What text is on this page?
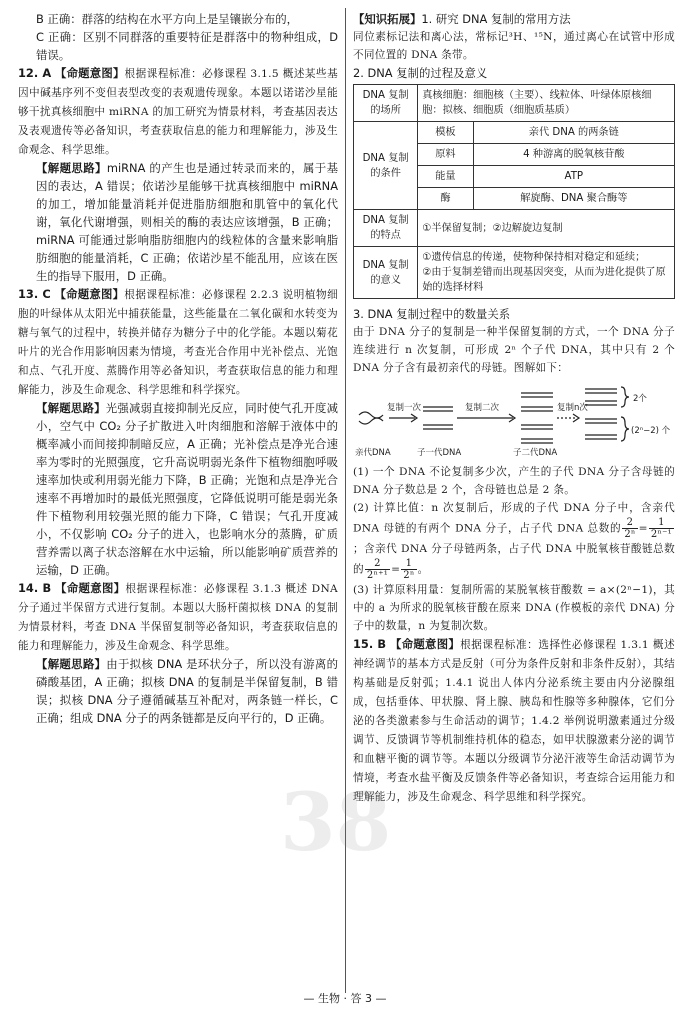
B 正确：群落的结构在水平方向上是呈镶嵌分布的，

C 正确：区别不同群落的重要特征是群落中的物种组成，D 错误。

12. A 【命题意图】根据课程标准：必修课程 3.1.5 概述某些基因中碱基序列不变但表型改变的表观遗传现象。本题以诺诺沙星能够干扰真核细胞中 miRNA 的加工研究为情景材料，考查基因表达及表观遗传等必备知识，考查获取信息的能力和理解能力，涉及生命观念、科学思维。

【解题思路】miRNA 的产生也是通过转录而来的，属于基因的表达，A 错误；依诺沙星能够干扰真核细胞中 miRNA 的加工，增加能量消耗并促进脂肪细胞和肌管中的氧化代谢，氧化代谢增强，则相关的酶的表达应该增强，B 正确；miRNA 可能通过影响脂肪细胞内的线粒体的含量来影响脂肪细胞的能量消耗，C 正确；依诺沙星不能乱用，应该在医生的指导下服用，D 正确。

13. C 【命题意图】根据课程标准：必修课程 2.2.3 说明植物细胞的叶绿体从太阳光中捕获能量，这些能量在二氧化碳和水转变为糖与氧气的过程中，转换并储存为糖分子中的化学能。本题以菊花叶片的光合作用影响因素为情境，考查光合作用中光补偿点、光饱和点、气孔开度、蒸腾作用等必备知识，考查获取信息的能力和理解能力，涉及生命观念、科学思维和科学探究。

【解题思路】光强减弱直接抑制光反应，同时使气孔开度减小，空气中 CO₂ 分子扩散进入叶肉细胞和溶解于液体中的概率减小而间接抑制暗反应，A 正确；光补偿点是净光合速率为零时的光照强度，它升高说明弱光条件下植物细胞呼吸速率加快或利用弱光能力下降，B 正确；光饱和点是净光合速率不再增加时的最低光照强度，它降低说明可能是弱光条件下植物利用较强光照的能力下降，C 错误；气孔开度减小，不仅影响 CO₂ 分子的进入，也影响水分的蒸腾，矿质营养需以离子状态溶解在水中运输，所以能影响矿质营养的运输，D 正确。

14. B 【命题意图】根据课程标准：必修课程 3.1.3 概述 DNA 分子通过半保留方式进行复制。本题以大肠杆菌拟核 DNA 的复制为情景材料，考查 DNA 半保留复制等必备知识，考查获取信息的能力和理解能力，涉及生命观念、科学思维。

【解题思路】由于拟核 DNA 是环状分子，所以没有游离的磷酸基团，A 正确；拟核 DNA 的复制是半保留复制，B 错误；拟核 DNA 分子遵循碱基互补配对，两条链一样长，C 正确；组成 DNA 分子的两条链都是反向平行的，D 正确。

【知识拓展】1. 研究 DNA 复制的常用方法

同位素标记法和离心法，常标记³H、¹⁵N，通过离心在试管中形成不同位置的 DNA 条带。

2. DNA 复制的过程及意义

DNA 复制的场所	真核细胞：细胞核（主要）、线粒体、叶绿体原核细胞：拟核、细胞质（细胞质基质）	
DNA 复制的条件	模板	亲代 DNA 的两条链
	原料	4 种游离的脱氧核苷酸
	能量	ATP
	酶	解旋酶、DNA 聚合酶等
DNA 复制的特点	①半保留复制；②边解旋边复制	
DNA 复制的意义	①遗传信息的传递，使物种保持相对稳定和延续；
②由于复制差错而出现基因突变，从而为进化提供了原始的选择材料	

3. DNA 复制过程中的数量关系

由于 DNA 分子的复制是一种半保留复制的方式，一个 DNA 分子连续进行 n 次复制，可形成 2ⁿ 个子代 DNA，其中只有 2 个 DNA 分子含有最初亲代的母链。图解如下：

复制一次	复制二次	复制n次
亲代DNA	子一代DNA	子二代DNA
2个
(2ⁿ−2) 个

(1) 一个 DNA 不论复制多少次，产生的子代 DNA 分子含母链的 DNA 分子数总是 2 个，含母链也总是 2 条。

(2) 计算比值：n 次复制后，形成的子代 DNA 分子中，含亲代 DNA 母链的有两个 DNA 分子，占子代 DNA 总数的 $\frac{2}{\text{2ⁿ}} = \frac{1}{\text{2ⁿ⁻¹}}$
；含亲代 DNA 分子母链两条，占子代 DNA 中脱氧核苷酸链总数的 $\frac{2}{\text{2ⁿ⁺¹}} = \frac{1}{\text{2ⁿ}}$ 。

(3) 计算原料用量：复制所需的某脱氧核苷酸数 = a×(2ⁿ−1)，其中的 a 为所求的脱氧核苷酸在原来 DNA (作模板的亲代 DNA) 分子中的数量，n 为复制次数。

15. B 【命题意图】根据课程标准：选择性必修课程 1.3.1 概述神经调节的基本方式是反射（可分为条件反射和非条件反射），其结构基础是反射弧；1.4.1 说出人体内分泌系统主要由内分泌腺组成，包括垂体、甲状腺、肾上腺、胰岛和性腺等多种腺体，它们分泌的各类激素参与生命活动的调节；1.4.2 举例说明激素通过分级调节、反馈调节等机制维持机体的稳态，如甲状腺激素分泌的调节和血糖平衡的调节等。本题以分级调节分泌汗液等生命活动调节为情境，考查水盐平衡及反馈条件等必备知识，考查综合运用能力和理解能力，涉及生命观念、科学思维和科学探究。

38
— 生物 · 答 3 —
